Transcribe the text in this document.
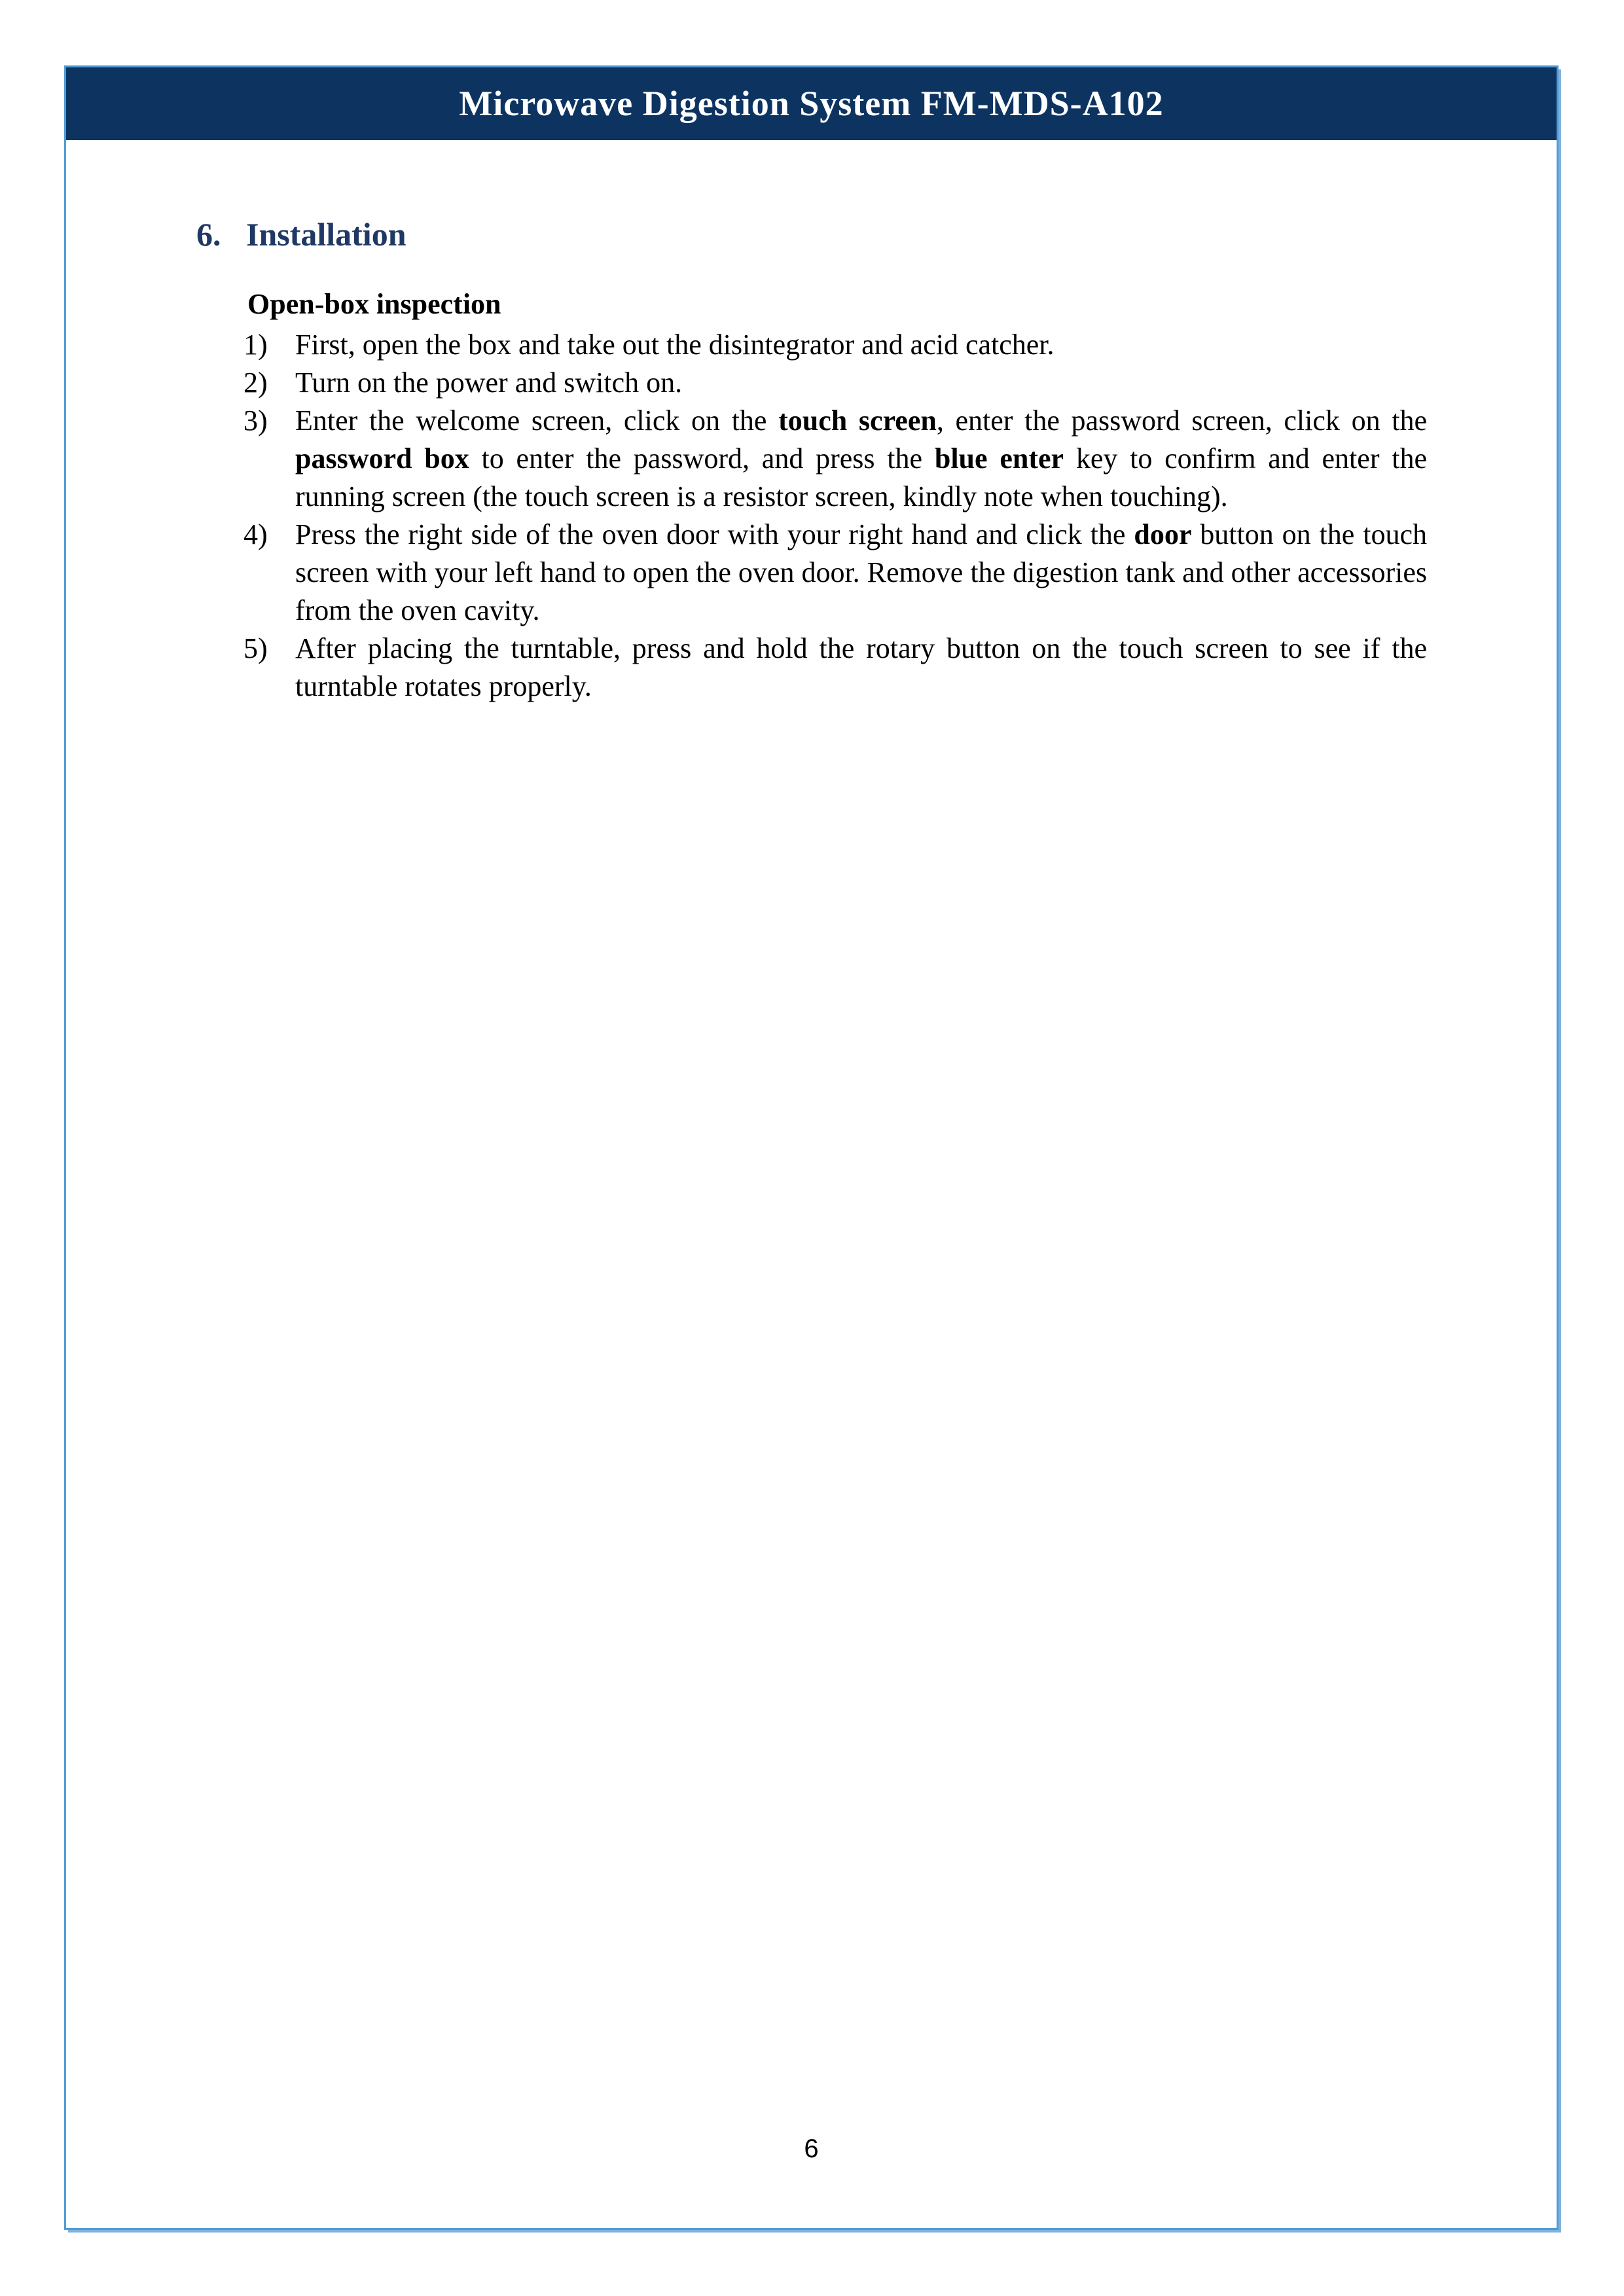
Microwave Digestion System FM-MDS-A102
6. Installation
Open-box inspection
1) First, open the box and take out the disintegrator and acid catcher.
2) Turn on the power and switch on.
3) Enter the welcome screen, click on the touch screen, enter the password screen, click on the password box to enter the password, and press the blue enter key to confirm and enter the running screen (the touch screen is a resistor screen, kindly note when touching).
4) Press the right side of the oven door with your right hand and click the door button on the touch screen with your left hand to open the oven door. Remove the digestion tank and other accessories from the oven cavity.
5) After placing the turntable, press and hold the rotary button on the touch screen to see if the turntable rotates properly.
6
